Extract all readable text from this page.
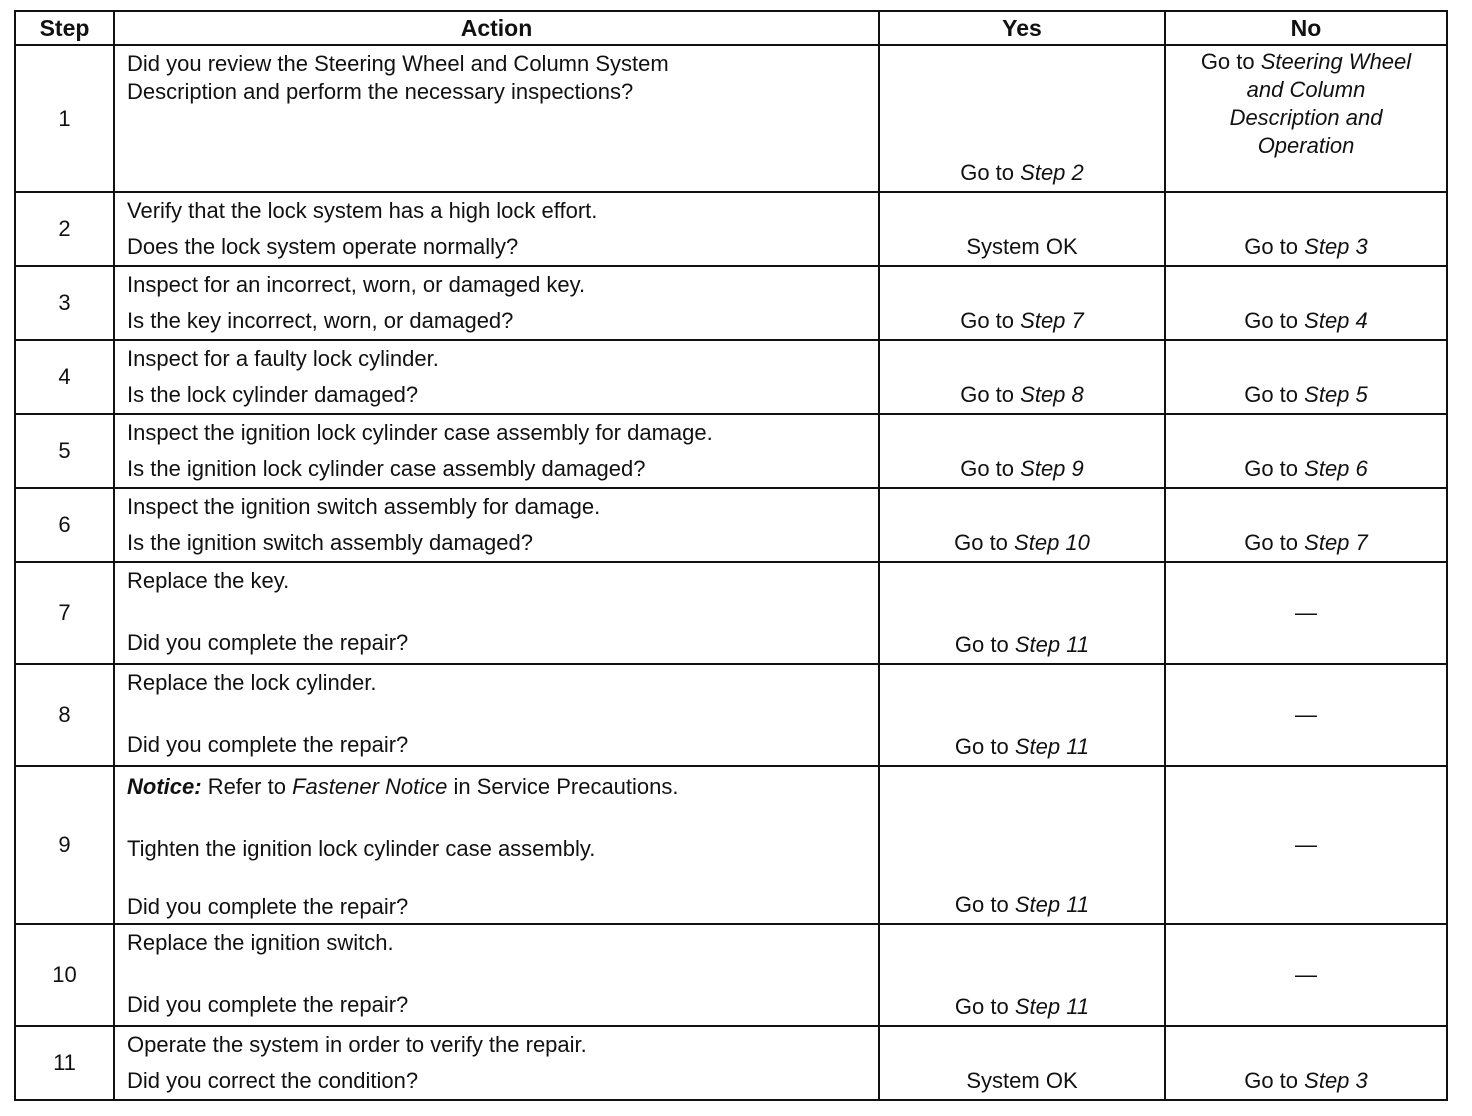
Step	Action	Yes	No
1	Did you review the Steering Wheel and Column System
Description and perform the necessary inspections?	Go to Step 2	Go to Steering Wheel
and Column
Description and
Operation
2	Verify that the lock system has a high lock effort.
Does the lock system operate normally?	System OK	Go to Step 3
3	Inspect for an incorrect, worn, or damaged key.
Is the key incorrect, worn, or damaged?	Go to Step 7	Go to Step 4
4	Inspect for a faulty lock cylinder.
Is the lock cylinder damaged?	Go to Step 8	Go to Step 5
5	Inspect the ignition lock cylinder case assembly for damage.
Is the ignition lock cylinder case assembly damaged?	Go to Step 9	Go to Step 6
6	Inspect the ignition switch assembly for damage.
Is the ignition switch assembly damaged?	Go to Step 10	Go to Step 7
7	Replace the key.
Did you complete the repair?	Go to Step 11	—
8	Replace the lock cylinder.
Did you complete the repair?	Go to Step 11	—
9	Notice: Refer to Fastener Notice in Service Precautions.
Tighten the ignition lock cylinder case assembly.
Did you complete the repair?	Go to Step 11	—
10	Replace the ignition switch.
Did you complete the repair?	Go to Step 11	—
11	Operate the system in order to verify the repair.
Did you correct the condition?	System OK	Go to Step 3
